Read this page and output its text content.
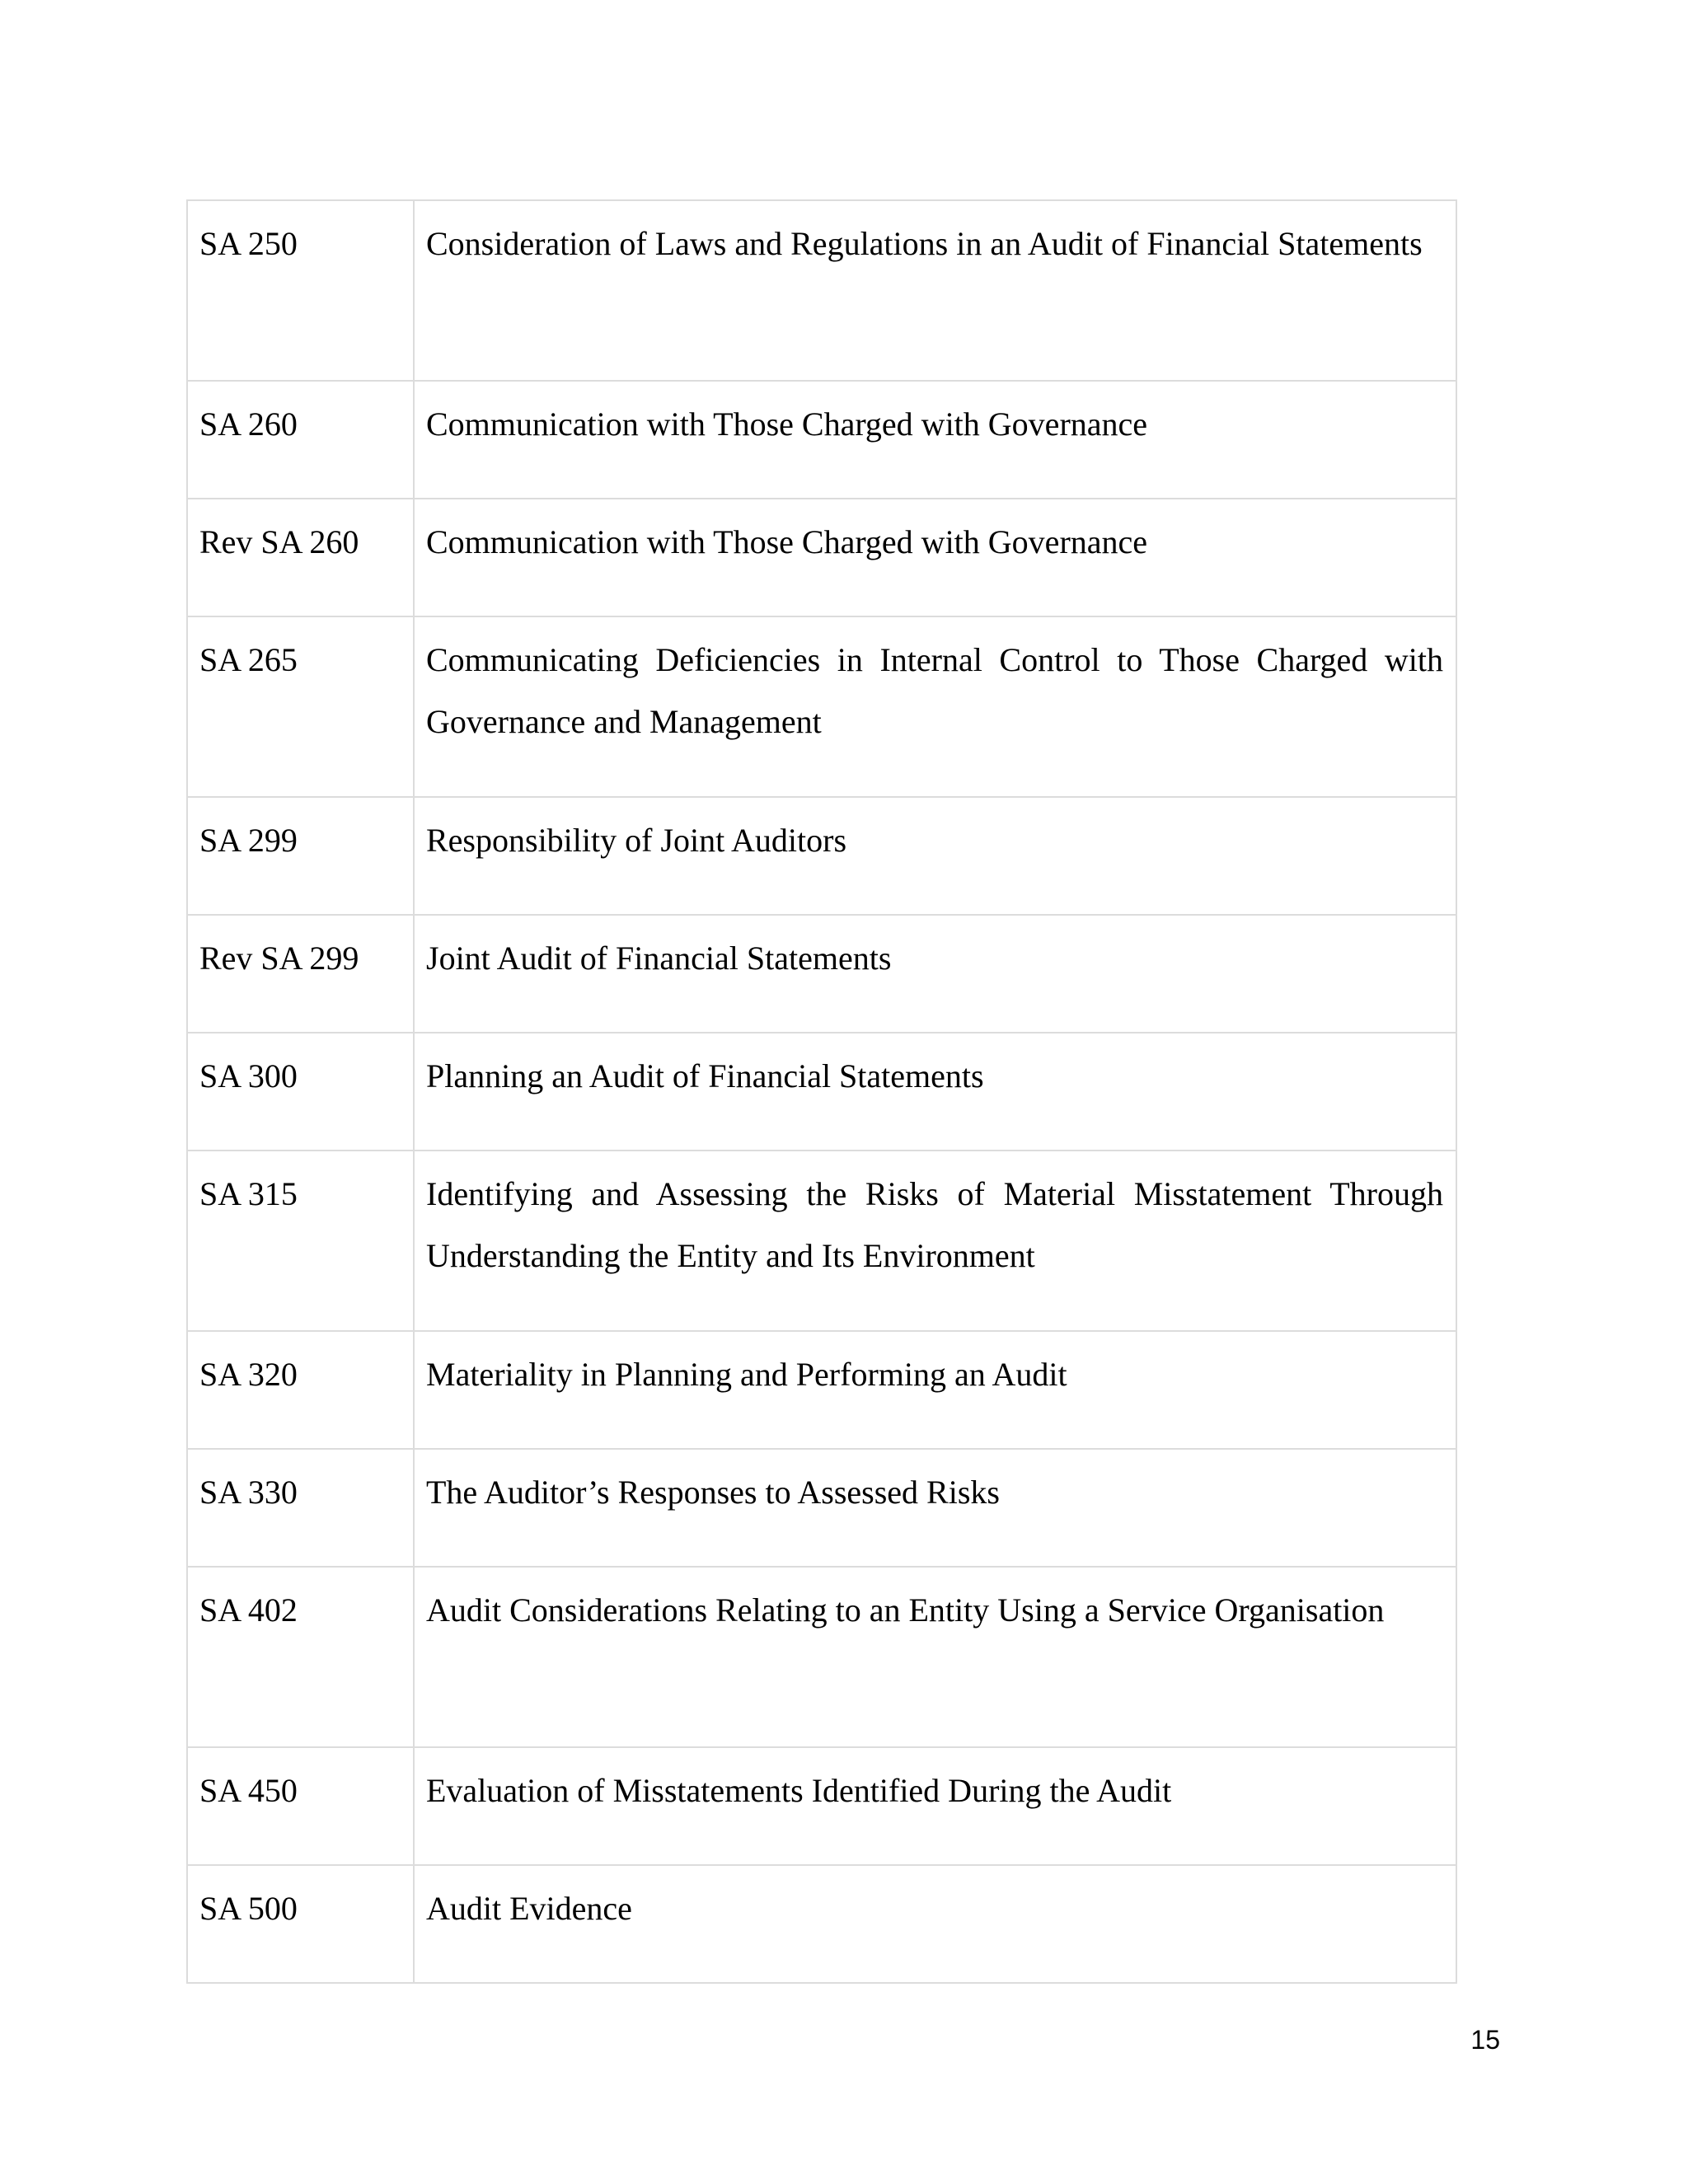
SA 250	Consideration of Laws and Regulations in an Audit of Financial Statements
SA 260	Communication with Those Charged with Governance
Rev SA 260	Communication with Those Charged with Governance
SA 265	Communicating Deficiencies in Internal Control to Those Charged with Governance and Management
SA 299	Responsibility of Joint Auditors
Rev SA 299	Joint Audit of Financial Statements
SA 300	Planning an Audit of Financial Statements
SA 315	Identifying and Assessing the Risks of Material Misstatement Through Understanding the Entity and Its Environment
SA 320	Materiality in Planning and Performing an Audit
SA 330	The Auditor’s Responses to Assessed Risks
SA 402	Audit Considerations Relating to an Entity Using a Service Organisation
SA 450	Evaluation of Misstatements Identified During the Audit
SA 500	Audit Evidence
15
